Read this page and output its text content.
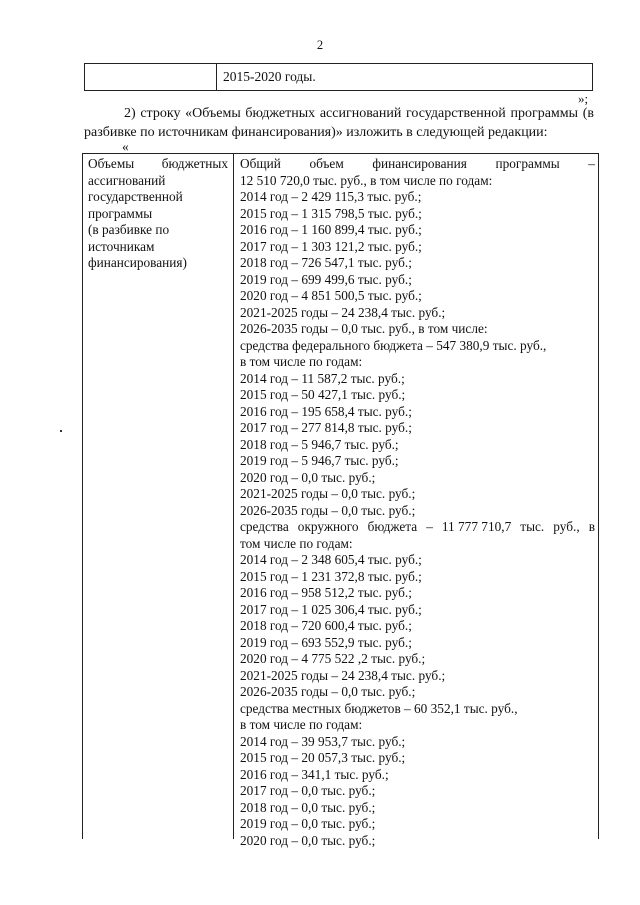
2
2015-2020 годы.
»;
2) строку «Объемы бюджетных ассигнований государственной программы (в разбивке по источникам финансирования)» изложить в следующей редакции:
«
Объемы бюджетных
ассигнований
государственной
программы
(в разбивке по
источникам
финансирования)
Общий объем финансирования программы –
12 510 720,0 тыс. руб., в том числе по годам:
2014 год – 2 429 115,3 тыс. руб.;
2015 год – 1 315 798,5 тыс. руб.;
2016 год – 1 160 899,4 тыс. руб.;
2017 год – 1 303 121,2 тыс. руб.;
2018 год – 726 547,1 тыс. руб.;
2019 год – 699 499,6 тыс. руб.;
2020 год – 4 851 500,5 тыс. руб.;
2021-2025 годы – 24 238,4 тыс. руб.;
2026-2035 годы – 0,0 тыс. руб., в том числе:
средства федерального бюджета – 547 380,9 тыс. руб.,
в том числе по годам:
2014 год – 11 587,2 тыс. руб.;
2015 год – 50 427,1 тыс. руб.;
2016 год – 195 658,4 тыс. руб.;
2017 год – 277 814,8 тыс. руб.;
2018 год – 5 946,7 тыс. руб.;
2019 год – 5 946,7 тыс. руб.;
2020 год – 0,0 тыс. руб.;
2021-2025 годы – 0,0 тыс. руб.;
2026-2035 годы – 0,0 тыс. руб.;
средства окружного бюджета – 11 777 710,7 тыс. руб., в
том числе по годам:
2014 год – 2 348 605,4 тыс. руб.;
2015 год – 1 231 372,8 тыс. руб.;
2016 год – 958 512,2 тыс. руб.;
2017 год – 1 025 306,4 тыс. руб.;
2018 год – 720 600,4 тыс. руб.;
2019 год – 693 552,9 тыс. руб.;
2020 год – 4 775 522 ,2 тыс. руб.;
2021-2025 годы – 24 238,4 тыс. руб.;
2026-2035 годы – 0,0 тыс. руб.;
средства местных бюджетов – 60 352,1 тыс. руб.,
в том числе по годам:
2014 год – 39 953,7 тыс. руб.;
2015 год – 20 057,3 тыс. руб.;
2016 год – 341,1 тыс. руб.;
2017 год – 0,0 тыс. руб.;
2018 год – 0,0 тыс. руб.;
2019 год – 0,0 тыс. руб.;
2020 год – 0,0 тыс. руб.;
